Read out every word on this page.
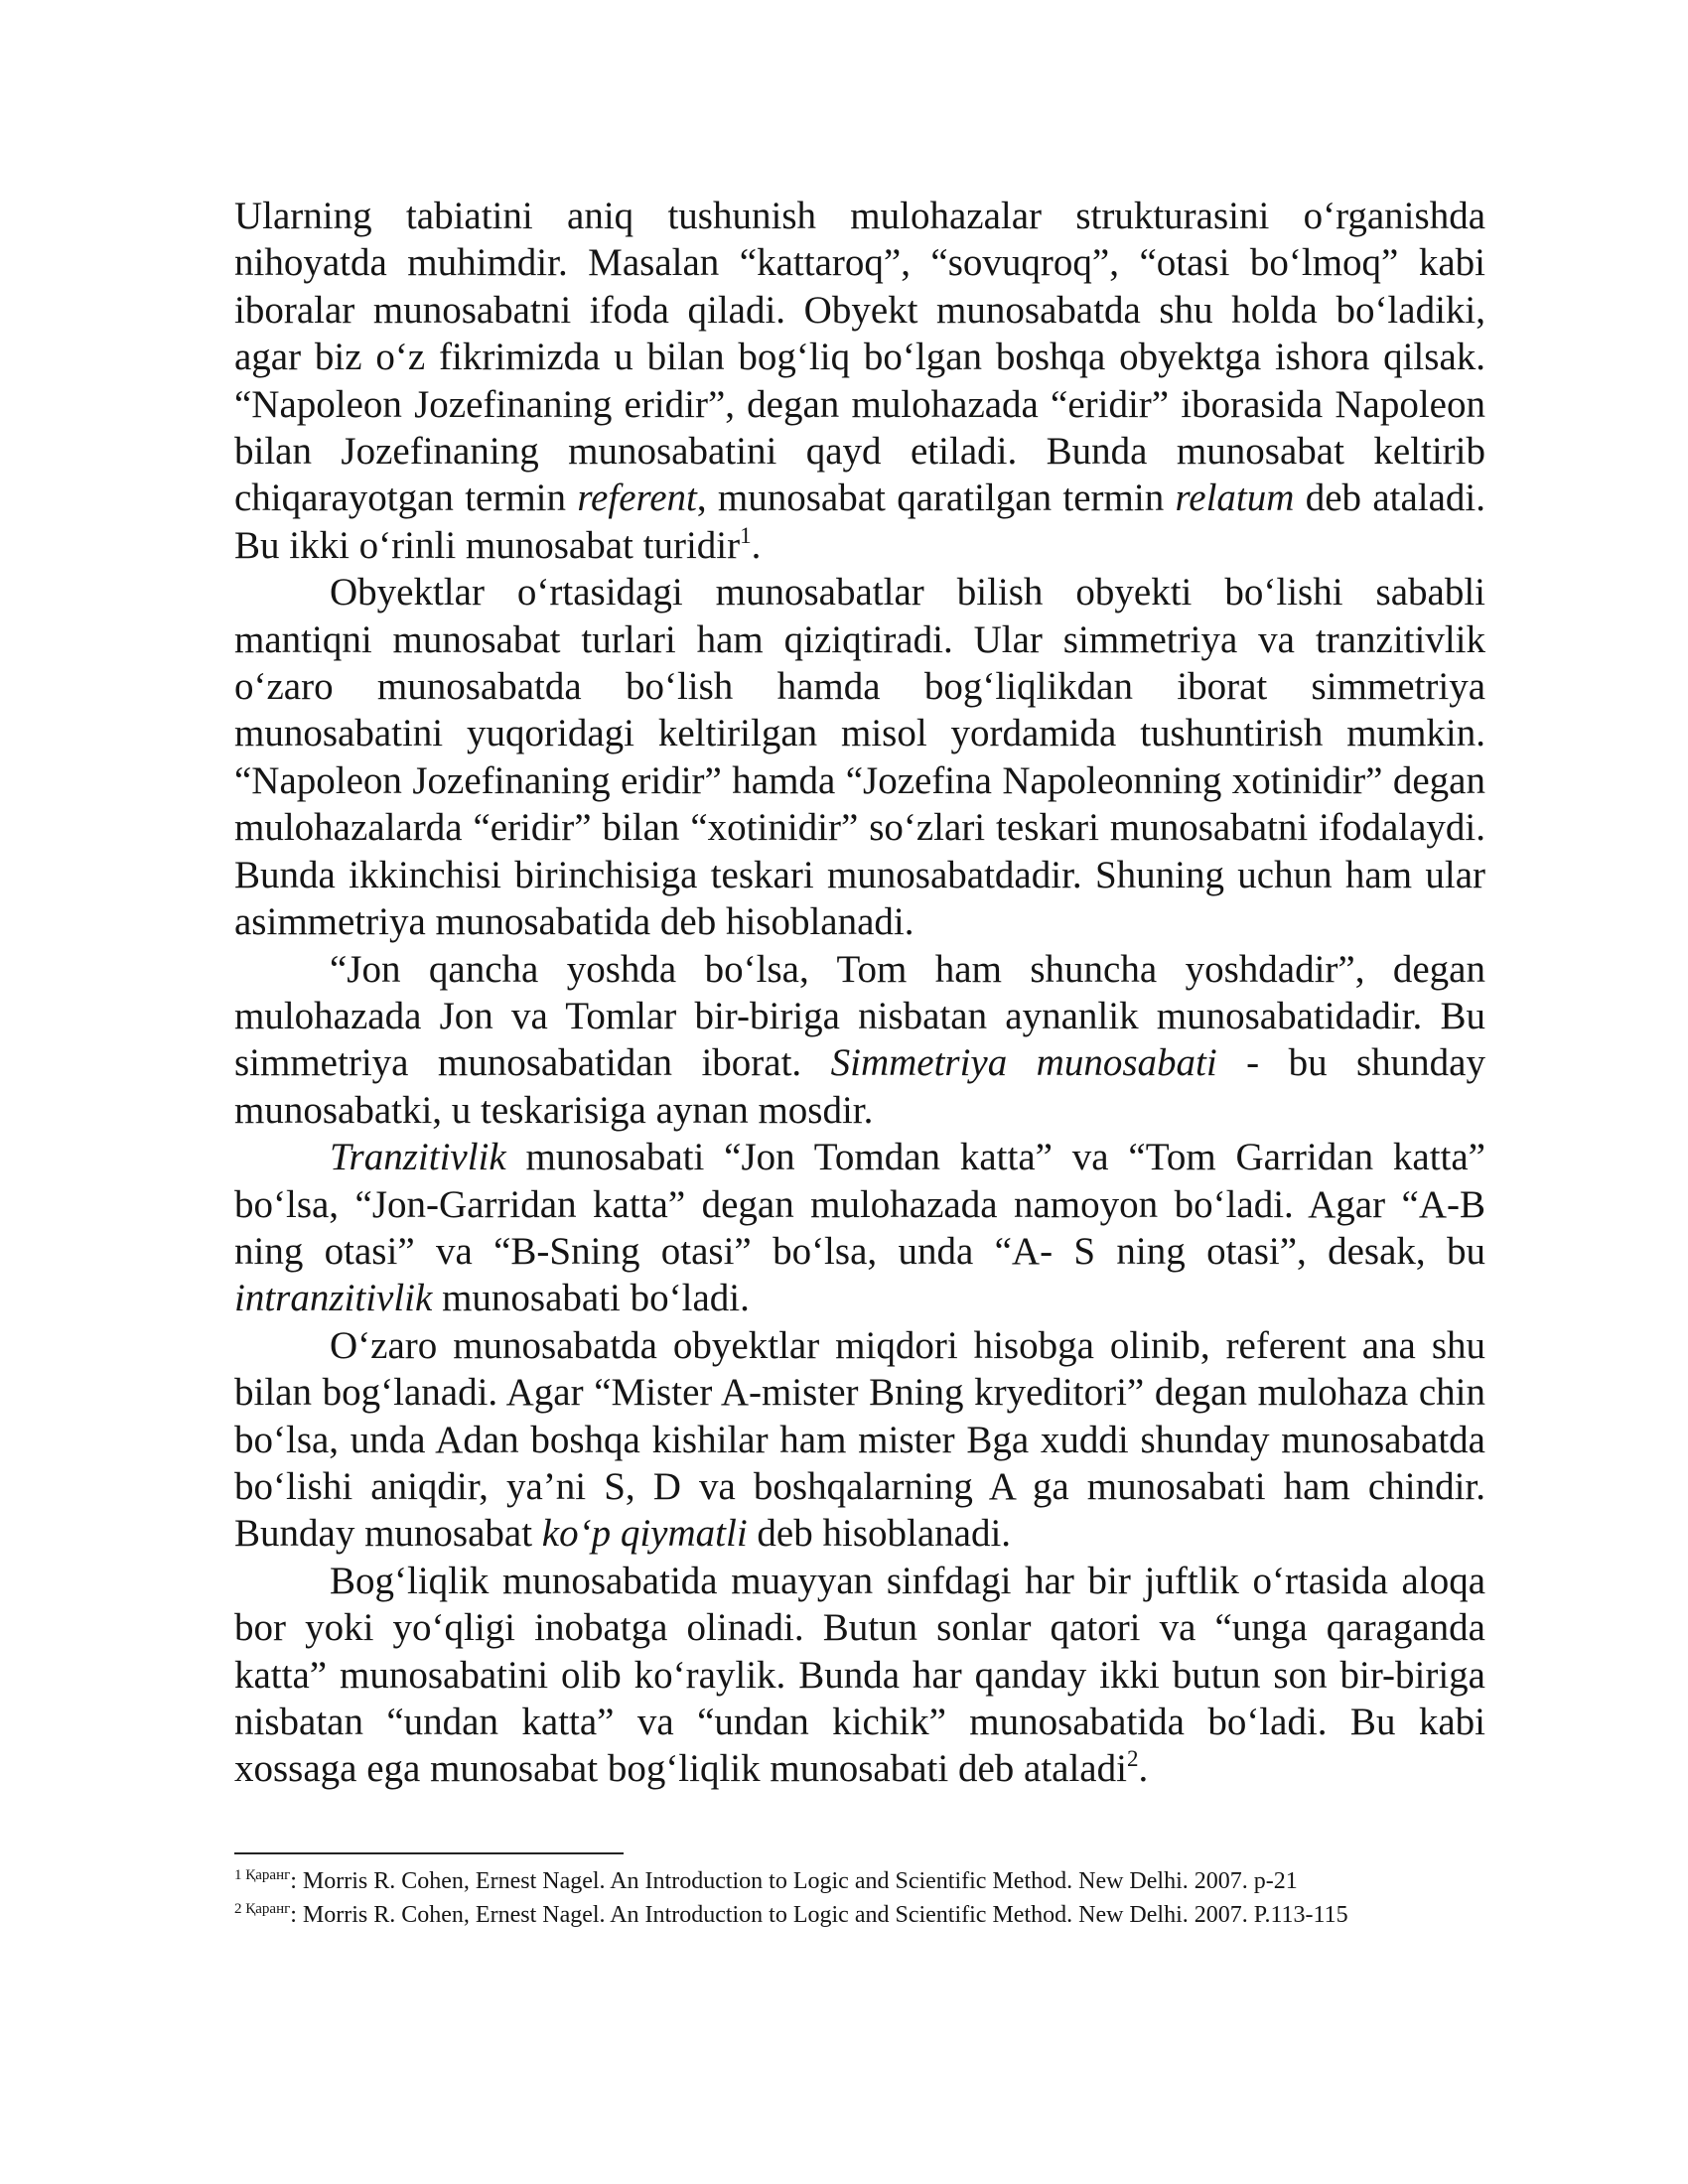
Ularning tabiatini aniq tushunish mulohazalar strukturasini o‘rganishda nihoyatda muhimdir. Masalan “kattaroq”, “sovuqroq”, “otasi bo‘lmoq” kabi iboralar munosabatni ifoda qiladi. Obyekt munosabatda shu holda bo‘ladiki, agar biz o‘z fikrimizda u bilan bog‘liq bo‘lgan boshqa obyektga ishora qilsak. “Napoleon Jozefinaning eridir”, degan mulohazada “eridir” iborasida Napoleon bilan Jozefinaning munosabatini qayd etiladi. Bunda munosabat keltirib chiqarayotgan termin referent, munosabat qaratilgan termin relatum deb ataladi. Bu ikki o‘rinli munosabat turidir$^1$.

Obyektlar o‘rtasidagi munosabatlar bilish obyekti bo‘lishi sababli mantiqni munosabat turlari ham qiziqtiradi. Ular simmetriya va tranzitivlik o‘zaro munosabatda bo‘lish hamda bog‘liqlikdan iborat simmetriya munosabatini yuqoridagi keltirilgan misol yordamida tushuntirish mumkin. “Napoleon Jozefinaning eridir” hamda “Jozefina Napoleonning xotinidir” degan mulohazalarda “eridir” bilan “xotinidir” so‘zlari teskari munosabatni ifodalaydi. Bunda ikkinchisi birinchisiga teskari munosabatdadir. Shuning uchun ham ular asimmetriya munosabatida deb hisoblanadi.

“Jon qancha yoshda bo‘lsa, Tom ham shuncha yoshdadir”, degan mulohazada Jon va Tomlar bir-biriga nisbatan aynanlik munosabatidadir. Bu simmetriya munosabatidan iborat. Simmetriya munosabati - bu shunday munosabatki, u teskarisiga aynan mosdir.

Tranzitivlik munosabati “Jon Tomdan katta” va “Tom Garridan katta” bo‘lsa, “Jon-Garridan katta” degan mulohazada namoyon bo‘ladi. Agar “A-B ning otasi” va “B-Sning otasi” bo‘lsa, unda “A- S ning otasi”, desak, bu intranzitivlik munosabati bo‘ladi.

O‘zaro munosabatda obyektlar miqdori hisobga olinib, referent ana shu bilan bog‘lanadi. Agar “Mister A-mister Bning kryeditori” degan mulohaza chin bo‘lsa, unda Adan boshqa kishilar ham mister Bga xuddi shunday munosabatda bo‘lishi aniqdir, ya’ni S, D va boshqalarning A ga munosabati ham chindir. Bunday munosabat ko‘p qiymatli deb hisoblanadi.

Bog‘liqlik munosabatida muayyan sinfdagi har bir juftlik o‘rtasida aloqa bor yoki yo‘qligi inobatga olinadi. Butun sonlar qatori va “unga qaraganda katta” munosabatini olib ko‘raylik. Bunda har qanday ikki butun son bir-biriga nisbatan “undan katta” va “undan kichik” munosabatida bo‘ladi. Bu kabi xossaga ega munosabat bog‘liqlik munosabati deb ataladi$^2$.

$^{1 Қаранг}$: Morris R. Cohen, Ernest Nagel. An Introduction to Logic and Scientific Method. New Delhi. 2007. p-21

$^{2 Қаранг}$: Morris R. Cohen, Ernest Nagel. An Introduction to Logic and Scientific Method. New Delhi. 2007. P.113-115
